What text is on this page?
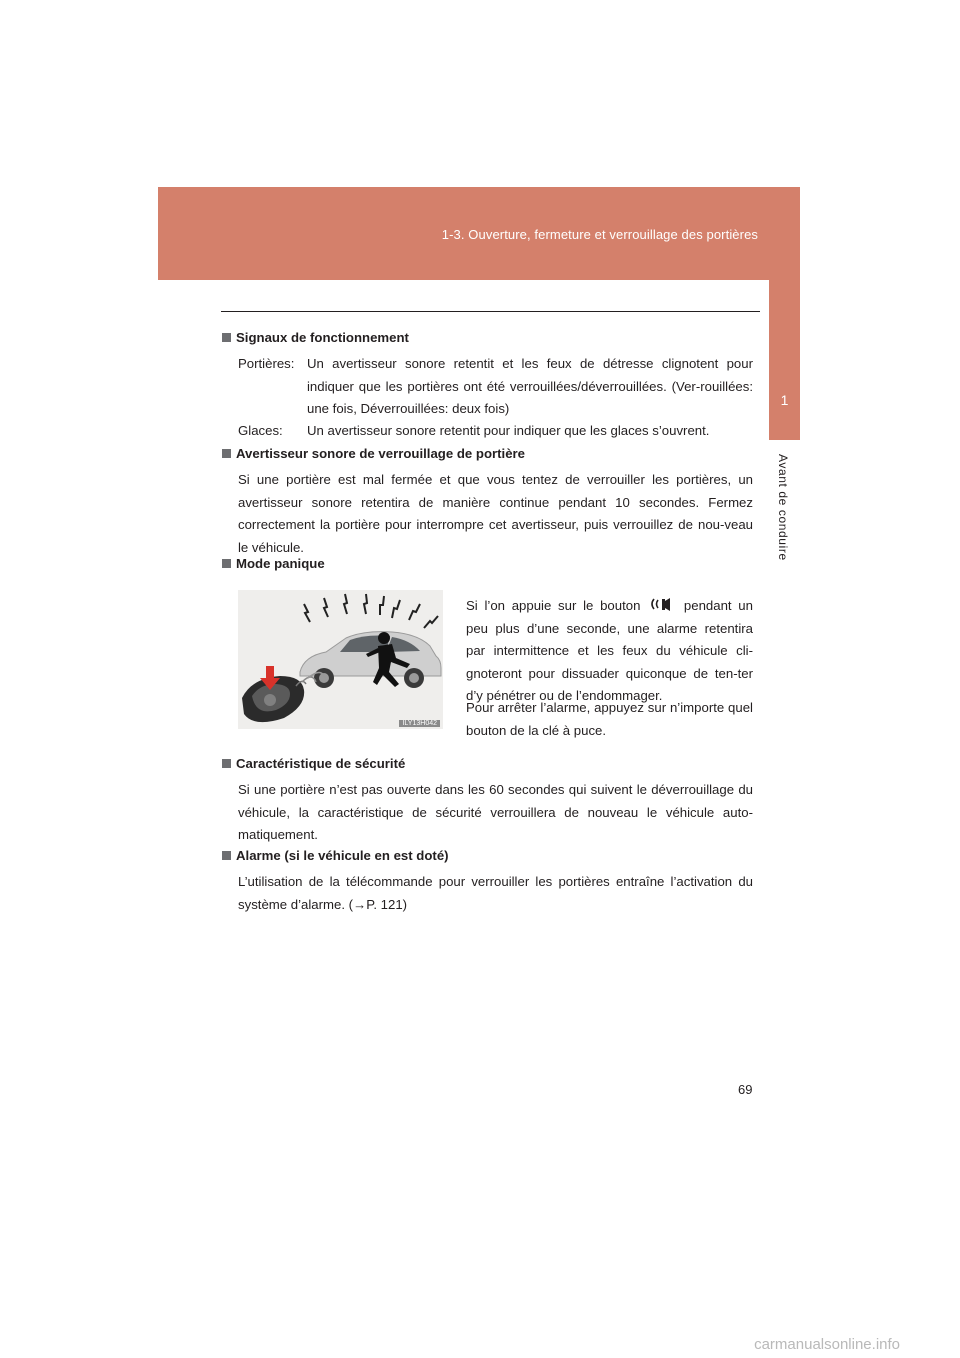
1-3. Ouverture, fermeture et verrouillage des portières
1
Avant de conduire
Signaux de fonctionnement
Portières: Un avertisseur sonore retentit et les feux de détresse clignotent pour indiquer que les portières ont été verrouillées/déverrouillées. (Ver-rouillées: une fois, Déverrouillées: deux fois)
Glaces: Un avertisseur sonore retentit pour indiquer que les glaces s’ouvrent.
Avertisseur sonore de verrouillage de portière
Si une portière est mal fermée et que vous tentez de verrouiller les portières, un avertisseur sonore retentira de manière continue pendant 10 secondes. Fermez correctement la portière pour interrompre cet avertisseur, puis verrouillez de nou-veau le véhicule.
Mode panique
ILY13H042
Si l’on appuie sur le bouton	pendant un peu plus d’une seconde, une alarme retentira par intermittence et les feux du véhicule cli-gnoteront pour dissuader quiconque de ten-ter d’y pénétrer ou de l’endommager.
Pour arrêter l’alarme, appuyez sur n’importe quel bouton de la clé à puce.
Caractéristique de sécurité
Si une portière n’est pas ouverte dans les 60 secondes qui suivent le déverrouillage du véhicule, la caractéristique de sécurité verrouillera de nouveau le véhicule auto-matiquement.
Alarme (si le véhicule en est doté)
L’utilisation de la télécommande pour verrouiller les portières entraîne l’activation du système d’alarme. (→P. 121)
69
carmanualsonline.info
